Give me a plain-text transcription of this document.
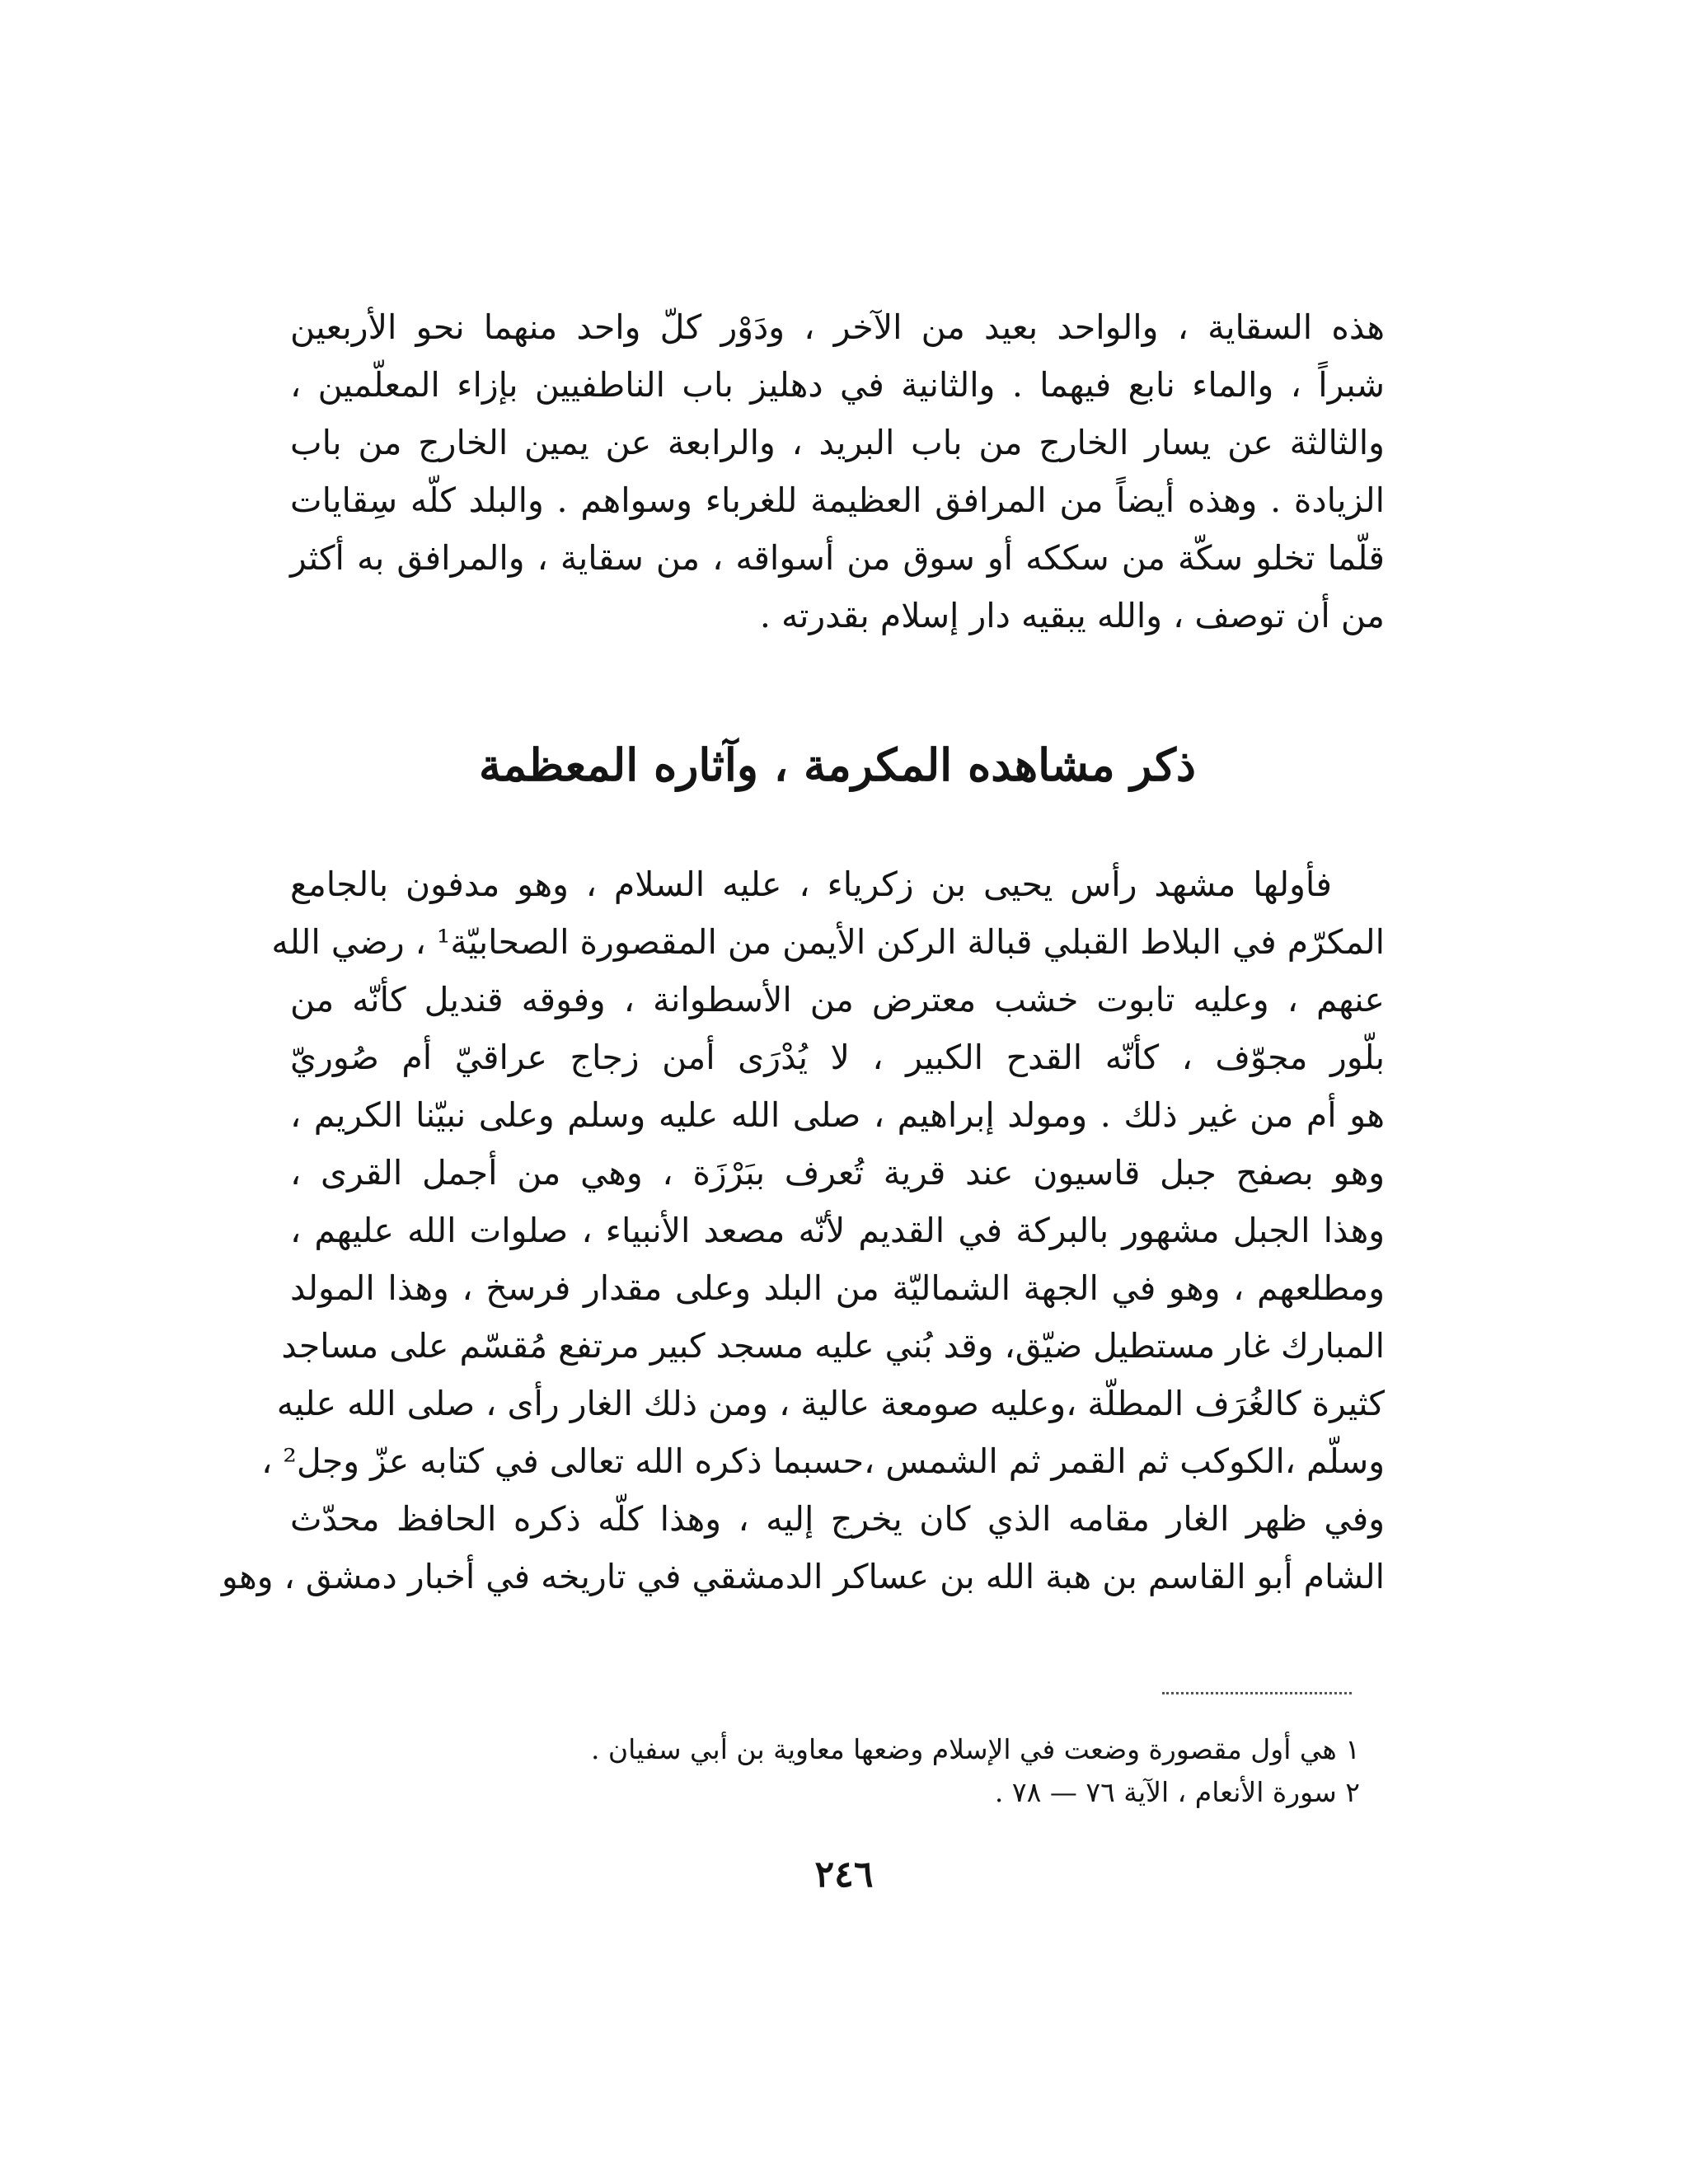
هذه السقاية ، والواحد بعيد من الآخر ، ودَوْر كلّ واحد منهما نحو الأربعين
شبراً ، والماء نابع فيهما . والثانية في دهليز باب الناطفيين بإزاء المعلّمين ،
والثالثة عن يسار الخارج من باب البريد ، والرابعة عن يمين الخارج من باب
الزيادة . وهذه أيضاً من المرافق العظيمة للغرباء وسواهم . والبلد كلّه سِقايات
قلّما تخلو سكّة من سككه أو سوق من أسواقه ، من سقاية ، والمرافق به أكثر
من أن توصف ، والله يبقيه دار إسلام بقدرته .
ذكر مشاهده المكرمة ، وآثاره المعظمة
فأولها مشهد رأس يحيى بن زكرياء ، عليه السلام ، وهو مدفون بالجامع
المكرّم في البلاط القبلي قبالة الركن الأيمن من المقصورة الصحابيّة¹ ، رضي الله
عنهم ، وعليه تابوت خشب معترض من الأسطوانة ، وفوقه قنديل كأنّه من
بلّور مجوّف ، كأنّه القدح الكبير ، لا يُدْرَى أمن زجاج عراقيّ أم صُوريّ
هو أم من غير ذلك . ومولد إبراهيم ، صلى الله عليه وسلم وعلى نبيّنا الكريم ،
وهو بصفح جبل قاسيون عند قرية تُعرف ببَرْزَة ، وهي من أجمل القرى ،
وهذا الجبل مشهور بالبركة في القديم لأنّه مصعد الأنبياء ، صلوات الله عليهم ،
ومطلعهم ، وهو في الجهة الشماليّة من البلد وعلى مقدار فرسخ ، وهذا المولد
المبارك غار مستطيل ضيّق، وقد بُني عليه مسجد كبير مرتفع مُقسّم على مساجد
كثيرة كالغُرَف المطلّة ،وعليه صومعة عالية ، ومن ذلك الغار رأى ، صلى الله عليه
وسلّم ،الكوكب ثم القمر ثم الشمس ،حسبما ذكره الله تعالى في كتابه عزّ وجل² ،
وفي ظهر الغار مقامه الذي كان يخرج إليه ، وهذا كلّه ذكره الحافظ محدّث
الشام أبو القاسم بن هبة الله بن عساكر الدمشقي في تاريخه في أخبار دمشق ، وهو
١ هي أول مقصورة وضعت في الإسلام وضعها معاوية بن أبي سفيان .
٢ سورة الأنعام ، الآية ٧٦ — ٧٨ .
٢٤٦
